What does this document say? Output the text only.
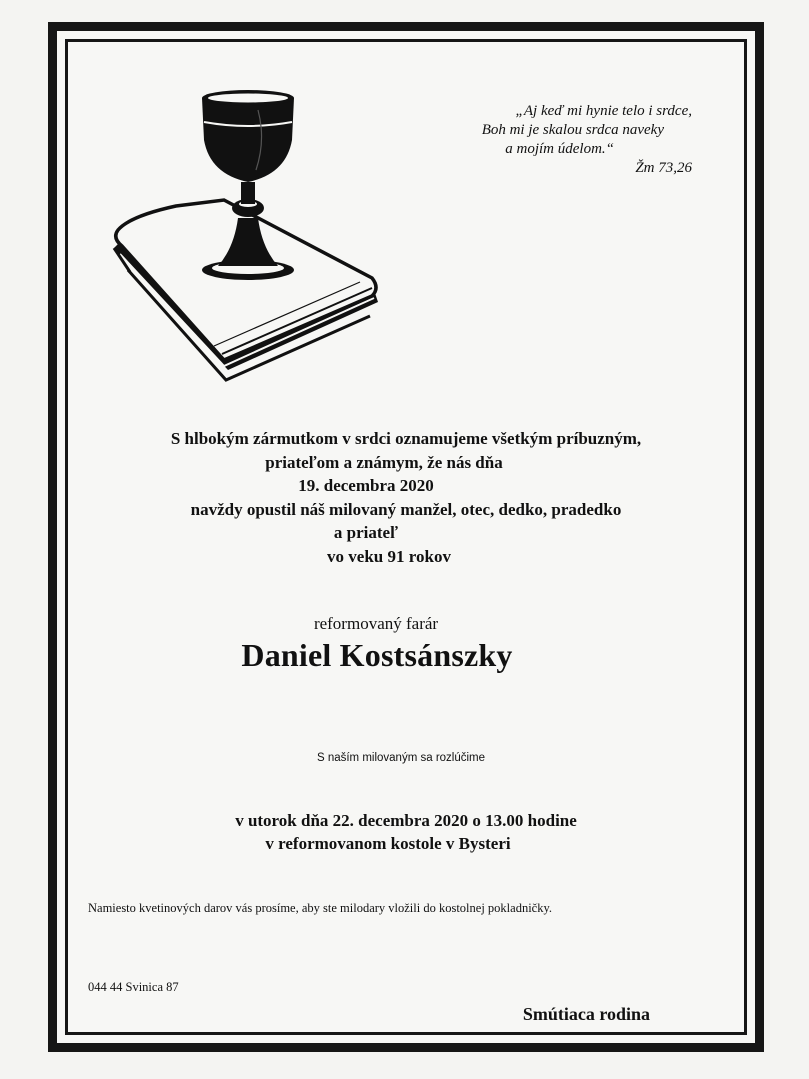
„Aj keď mi hynie telo i srdce,
Boh mi je skalou srdca naveky
a mojím údelom.“
Žm 73,26
S hlbokým zármutkom v srdci oznamujeme všetkým príbuzným,
priateľom a známym, že nás dňa
19. decembra 2020
navždy opustil náš milovaný manžel, otec, dedko, pradedko
a priateľ
vo veku 91 rokov
reformovaný farár
Daniel Kostsánszky
S naším milovaným sa rozlúčime
v utorok dňa 22. decembra 2020 o 13.00 hodine
v reformovanom kostole v Bysteri
Namiesto kvetinových darov vás prosíme, aby ste milodary vložili do kostolnej pokladničky.
044 44 Svinica 87
Smútiaca rodina
